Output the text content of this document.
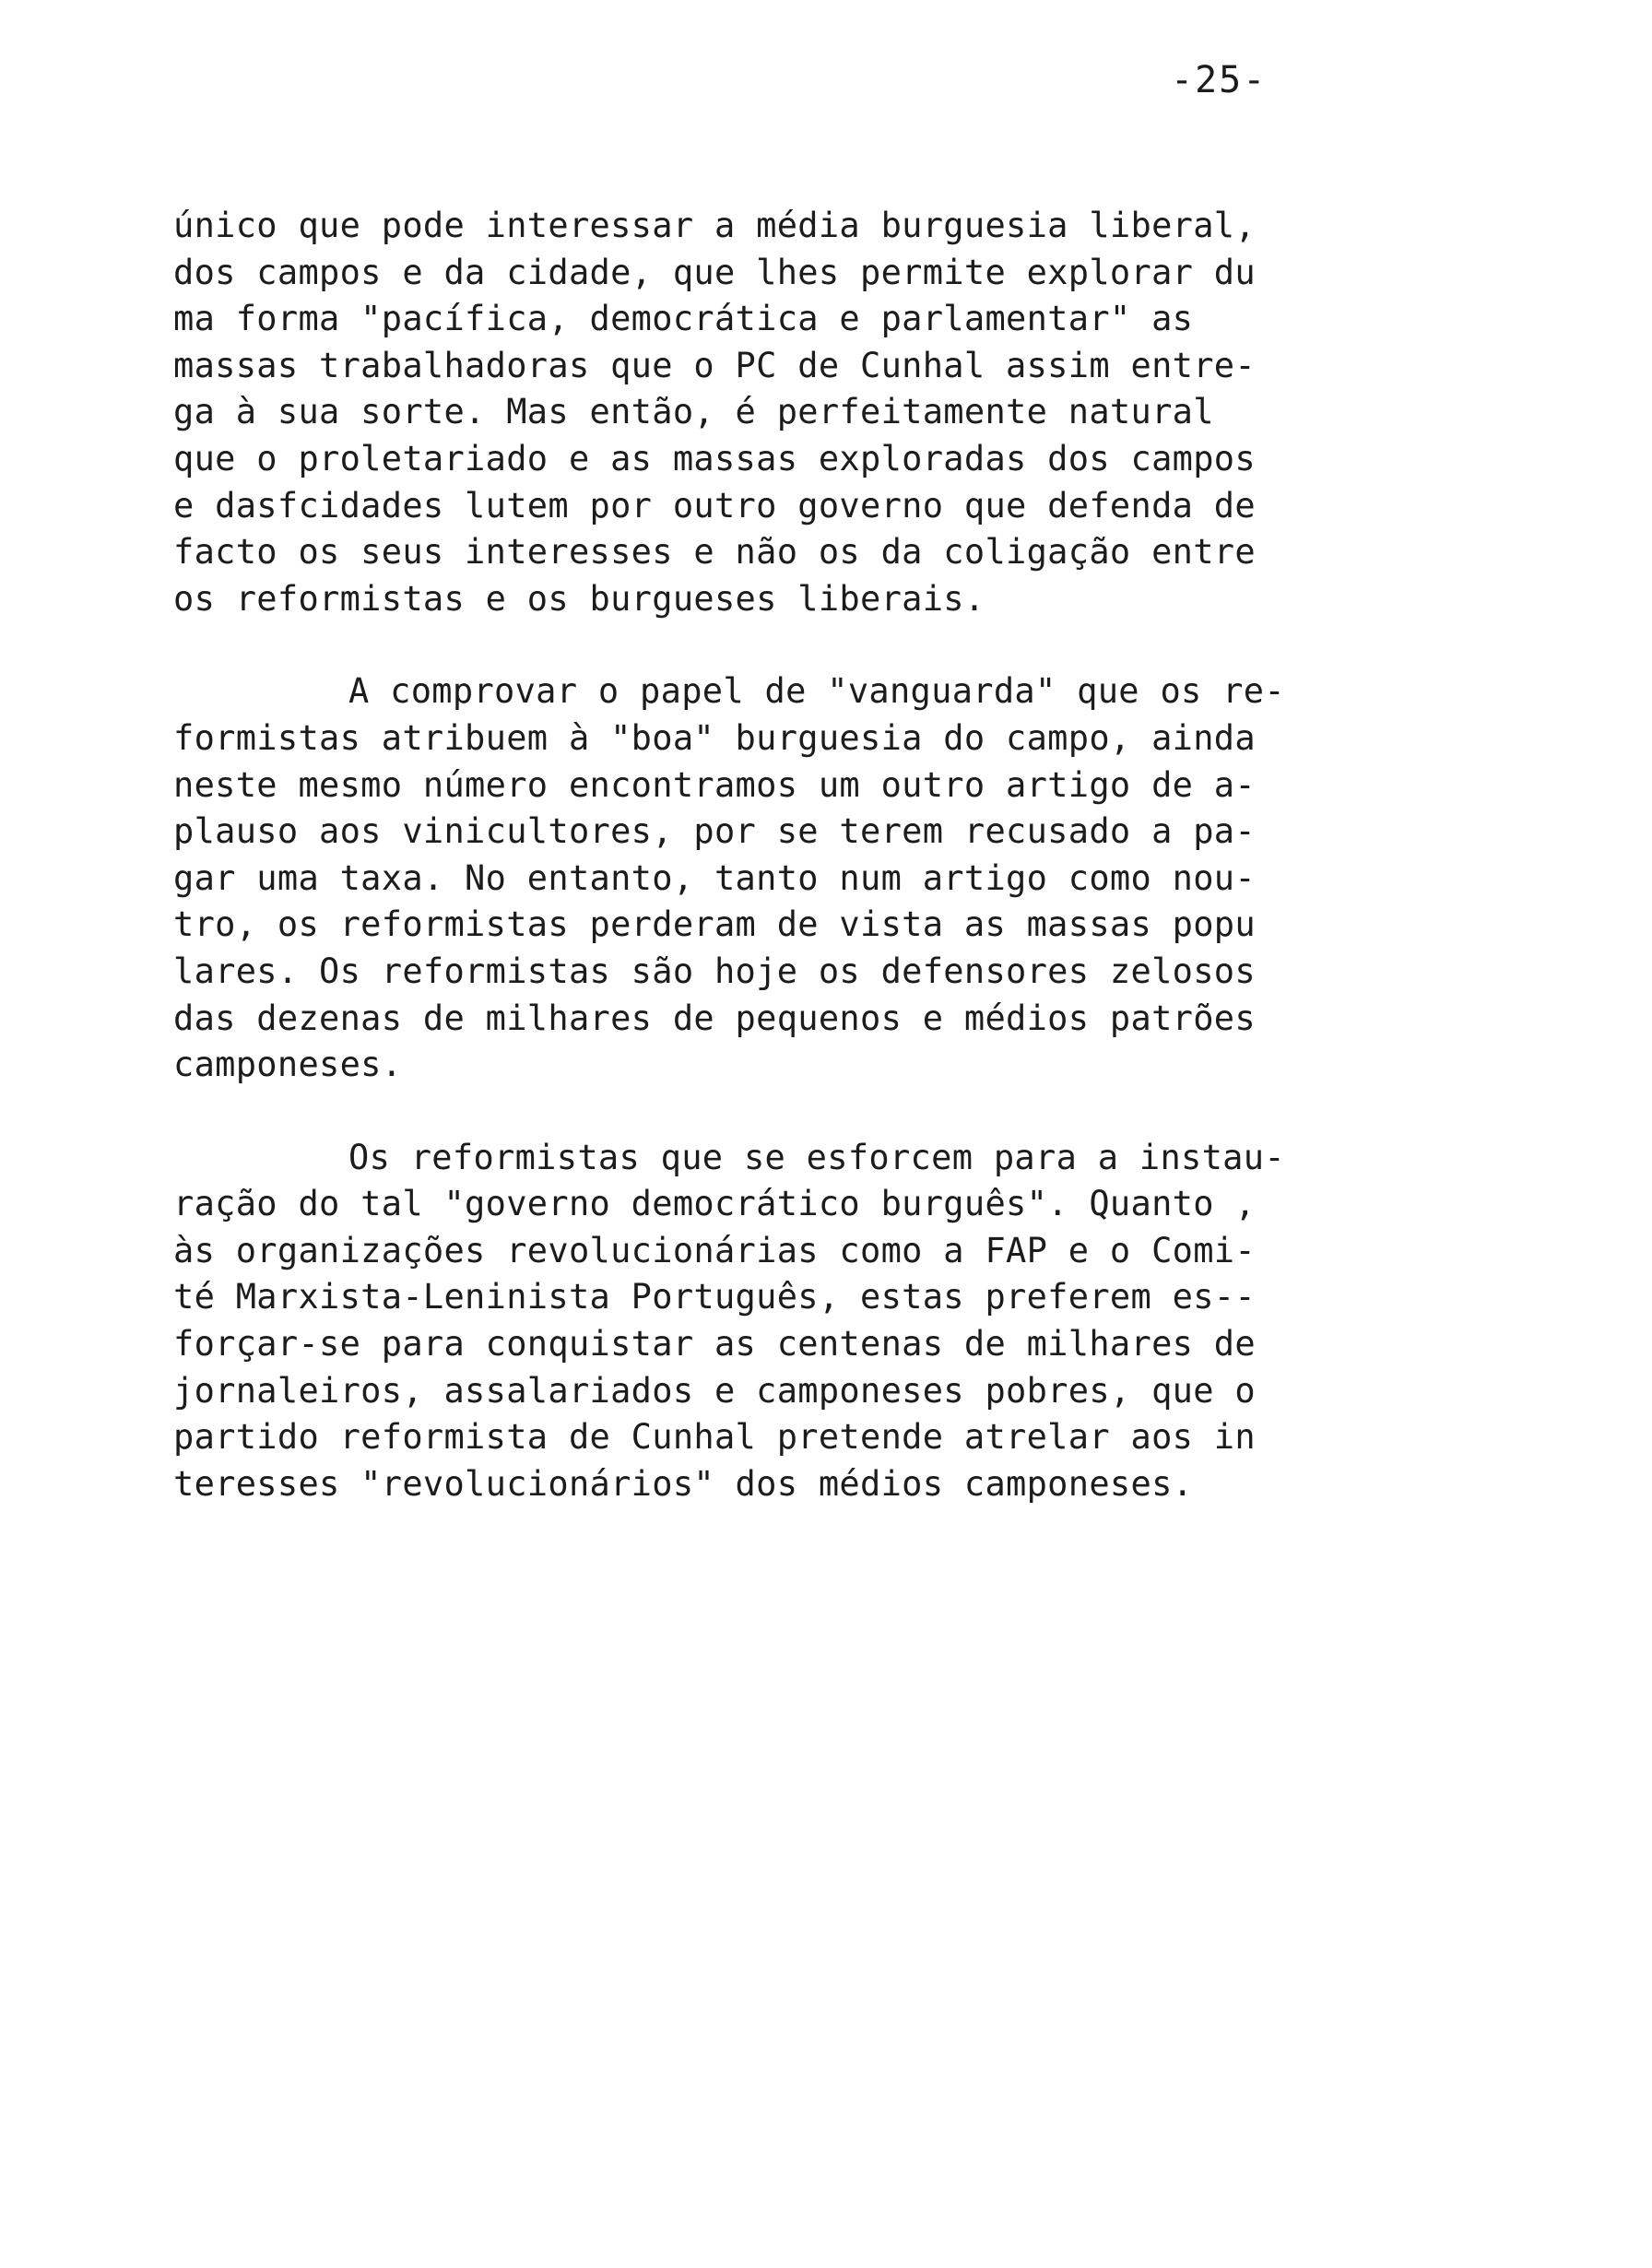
-25-

único que pode interessar a média burguesia liberal,
dos campos e da cidade, que lhes permite explorar du
ma forma "pacífica, democrática e parlamentar" as
massas trabalhadoras que o PC de Cunhal assim entre-
ga à sua sorte. Mas então, é perfeitamente natural
que o proletariado e as massas exploradas dos campos
e dasfcidades lutem por outro governo que defenda de
facto os seus interesses e não os da coligação entre
os reformistas e os burgueses liberais.
A comprovar o papel de "vanguarda" que os re-
formistas atribuem à "boa" burguesia do campo, ainda
neste mesmo número encontramos um outro artigo de a-
plauso aos vinicultores, por se terem recusado a pa-
gar uma taxa. No entanto, tanto num artigo como nou-
tro, os reformistas perderam de vista as massas popu
lares. Os reformistas são hoje os defensores zelosos
das dezenas de milhares de pequenos e médios patrões
camponeses.
Os reformistas que se esforcem para a instau-
ração do tal "governo democrático burguês". Quanto ,
às organizações revolucionárias como a FAP e o Comi-
té Marxista-Leninista Português, estas preferem es--
forçar-se para conquistar as centenas de milhares de
jornaleiros, assalariados e camponeses pobres, que o
partido reformista de Cunhal pretende atrelar aos in
teresses "revolucionários" dos médios camponeses.
